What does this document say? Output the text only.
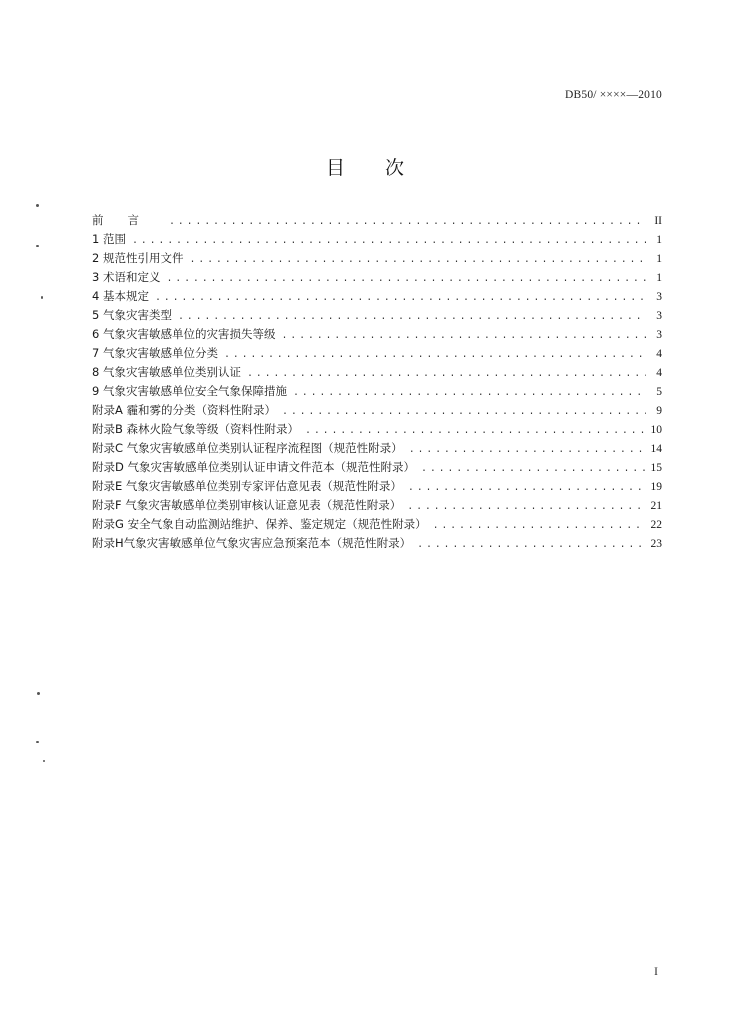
DB50/ ××××—2010
目次
前言 .....	II
1 范围 .....	1
2 规范性引用文件 .....	1
3 术语和定义 .....	1
4 基本规定 .....	3
5 气象灾害类型 .....	3
6 气象灾害敏感单位的灾害损失等级 .....	3
7 气象灾害敏感单位分类 .....	4
8 气象灾害敏感单位类别认证 .....	4
9 气象灾害敏感单位安全气象保障措施 .....	5
附录A 霾和雾的分类（资料性附录） .....	9
附录B 森林火险气象等级（资料性附录） .....	10
附录C 气象灾害敏感单位类别认证程序流程图（规范性附录） .....	14
附录D 气象灾害敏感单位类别认证申请文件范本（规范性附录） .....	15
附录E 气象灾害敏感单位类别专家评估意见表（规范性附录） .....	19
附录F 气象灾害敏感单位类别审核认证意见表（规范性附录） .....	21
附录G 安全气象自动监测站维护、保养、鉴定规定（规范性附录） .....	22
附录H气象灾害敏感单位气象灾害应急预案范本（规范性附录） .....	23
I
